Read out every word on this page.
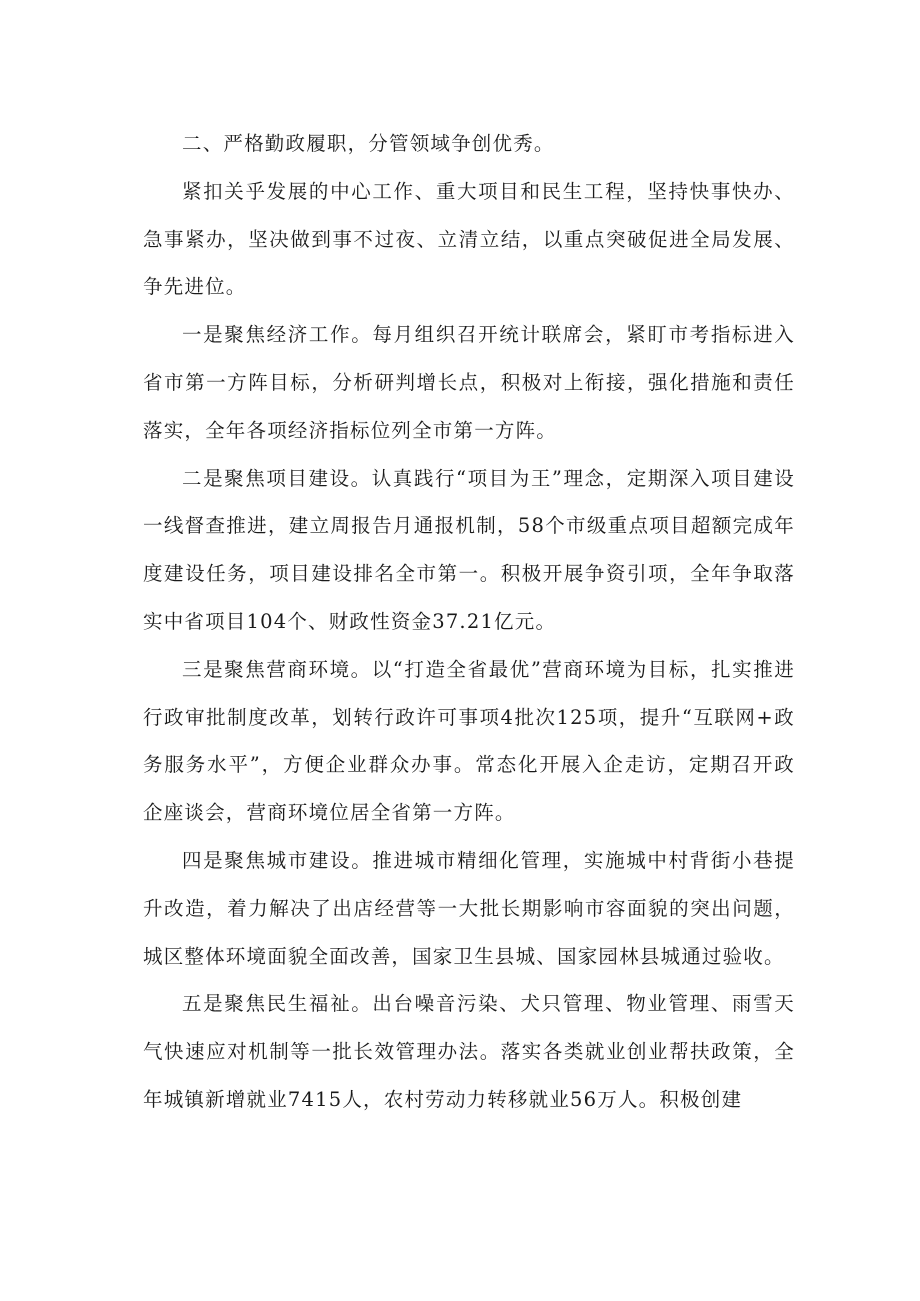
二、严格勤政履职，分管领域争创优秀。

紧扣关乎发展的中心工作、重大项目和民生工程，坚持快事快办、急事紧办，坚决做到事不过夜、立清立结，以重点突破促进全局发展、争先进位。

一是聚焦经济工作。每月组织召开统计联席会，紧盯市考指标进入省市第一方阵目标，分析研判增长点，积极对上衔接，强化措施和责任落实，全年各项经济指标位列全市第一方阵。

二是聚焦项目建设。认真践行“项目为王”理念，定期深入项目建设一线督查推进，建立周报告月通报机制，58个市级重点项目超额完成年度建设任务，项目建设排名全市第一。积极开展争资引项，全年争取落实中省项目104个、财政性资金37.21亿元。

三是聚焦营商环境。以“打造全省最优”营商环境为目标，扎实推进行政审批制度改革，划转行政许可事项4批次125项，提升“互联网+政务服务水平”，方便企业群众办事。常态化开展入企走访，定期召开政企座谈会，营商环境位居全省第一方阵。

四是聚焦城市建设。推进城市精细化管理，实施城中村背街小巷提升改造，着力解决了出店经营等一大批长期影响市容面貌的突出问题，城区整体环境面貌全面改善，国家卫生县城、国家园林县城通过验收。

五是聚焦民生福祉。出台噪音污染、犬只管理、物业管理、雨雪天气快速应对机制等一批长效管理办法。落实各类就业创业帮扶政策，全年城镇新增就业7415人，农村劳动力转移就业56万人。积极创建
